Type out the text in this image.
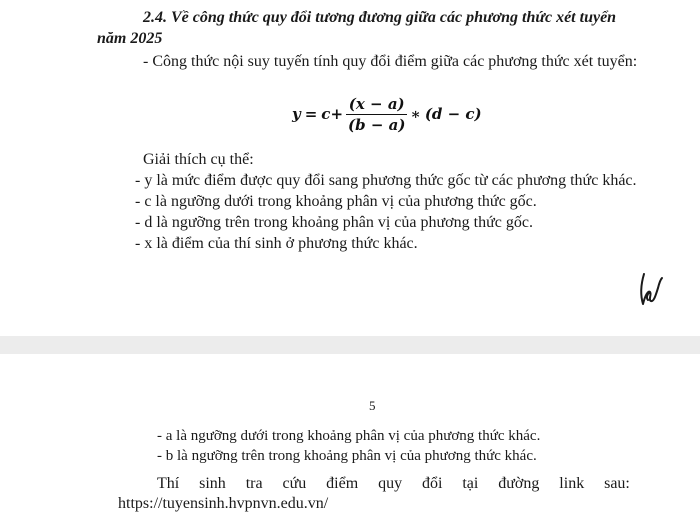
2.4. Về công thức quy đổi tương đương giữa các phương thức xét tuyển
năm 2025
- Công thức nội suy tuyến tính quy đổi điểm giữa các phương thức xét tuyển:
$y = c + \frac{(x - a)}{(b - a)}$ ∗ (d − c)
Giải thích cụ thể:
- y là mức điểm được quy đổi sang phương thức gốc từ các phương thức khác.
- c là ngưỡng dưới trong khoảng phân vị của phương thức gốc.
- d là ngưỡng trên trong khoảng phân vị của phương thức gốc.
- x là điểm của thí sinh ở phương thức khác.
5
- a là ngưỡng dưới trong khoảng phân vị của phương thức khác.
- b là ngưỡng trên trong khoảng phân vị của phương thức khác.
Thí sinh tra cứu điểm quy đổi tại đường link sau:
https://tuyensinh.hvpnvn.edu.vn/
